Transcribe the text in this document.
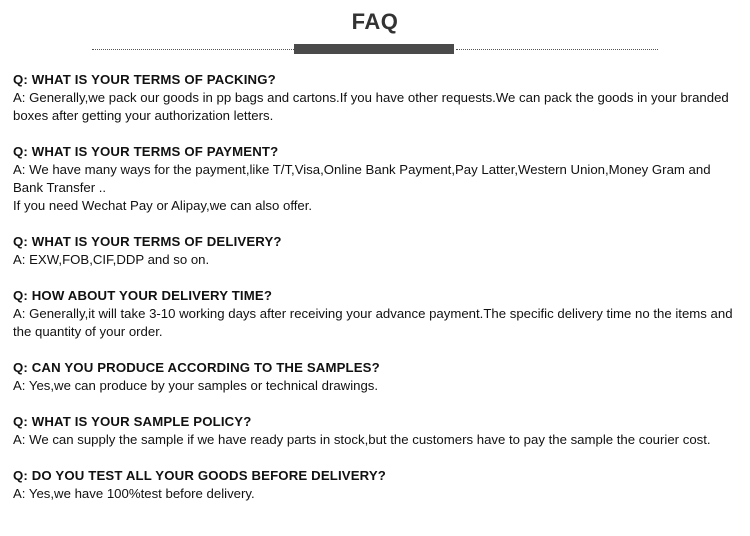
FAQ
Q: WHAT IS YOUR TERMS OF PACKING?
A: Generally,we pack our goods in pp bags and cartons.If you have other requests.We can pack the goods in your branded boxes after getting your authorization letters.
Q: WHAT IS YOUR TERMS OF PAYMENT?
A: We have many ways for the payment,like T/T,Visa,Online Bank Payment,Pay Latter,Western Union,Money Gram and Bank Transfer ..
If you need Wechat Pay or Alipay,we can also offer.
Q: WHAT IS YOUR TERMS OF DELIVERY?
A: EXW,FOB,CIF,DDP and so on.
Q: HOW ABOUT YOUR DELIVERY TIME?
A: Generally,it will take 3-10 working days after receiving your advance payment.The specific delivery time no the items and the quantity of your order.
Q: CAN YOU PRODUCE ACCORDING TO THE SAMPLES?
A: Yes,we can produce by your samples or technical drawings.
Q: WHAT IS YOUR SAMPLE POLICY?
A: We can supply the sample if we have ready parts in stock,but the customers have to pay the sample the courier cost.
Q: DO YOU TEST ALL YOUR GOODS BEFORE DELIVERY?
A: Yes,we have 100%test before delivery.
